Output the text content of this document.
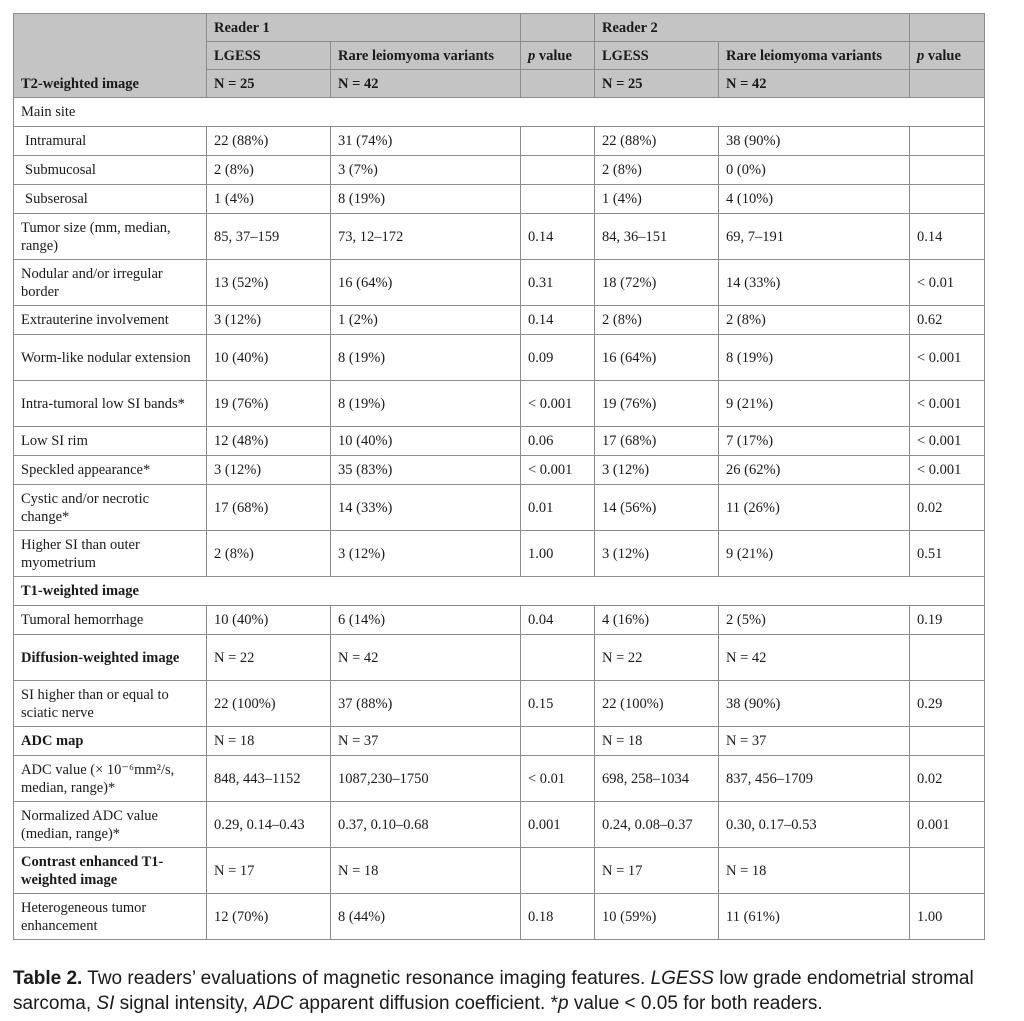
T2-weighted image	Reader 1			Reader 2		
	LGESS	Rare leiomyoma variants	p value	LGESS	Rare leiomyoma variants	p value
	N = 25	N = 42		N = 25	N = 42	
Main site						
Intramural	22 (88%)	31 (74%)		22 (88%)	38 (90%)	
Submucosal	2 (8%)	3 (7%)		2 (8%)	0 (0%)	
Subserosal	1 (4%)	8 (19%)		1 (4%)	4 (10%)	
Tumor size (mm, median, range)	85, 37–159	73, 12–172	0.14	84, 36–151	69, 7–191	0.14
Nodular and/or irregular border	13 (52%)	16 (64%)	0.31	18 (72%)	14 (33%)	< 0.01
Extrauterine involvement	3 (12%)	1 (2%)	0.14	2 (8%)	2 (8%)	0.62
Worm-like nodular extension	10 (40%)	8 (19%)	0.09	16 (64%)	8 (19%)	< 0.001
Intra-tumoral low SI bands*	19 (76%)	8 (19%)	< 0.001	19 (76%)	9 (21%)	< 0.001
Low SI rim	12 (48%)	10 (40%)	0.06	17 (68%)	7 (17%)	< 0.001
Speckled appearance*	3 (12%)	35 (83%)	< 0.001	3 (12%)	26 (62%)	< 0.001
Cystic and/or necrotic change*	17 (68%)	14 (33%)	0.01	14 (56%)	11 (26%)	0.02
Higher SI than outer myometrium	2 (8%)	3 (12%)	1.00	3 (12%)	9 (21%)	0.51
T1-weighted image						
Tumoral hemorrhage	10 (40%)	6 (14%)	0.04	4 (16%)	2 (5%)	0.19
Diffusion-weighted image	N = 22	N = 42		N = 22	N = 42	
SI higher than or equal to sciatic nerve	22 (100%)	37 (88%)	0.15	22 (100%)	38 (90%)	0.29
ADC map	N = 18	N = 37		N = 18	N = 37	
ADC value (× 10⁻⁶mm²/s, median, range)*	848, 443–1152	1087,230–1750	< 0.01	698, 258–1034	837, 456–1709	0.02
Normalized ADC value (median, range)*	0.29, 0.14–0.43	0.37, 0.10–0.68	0.001	0.24, 0.08–0.37	0.30, 0.17–0.53	0.001
Contrast enhanced T1-weighted image	N = 17	N = 18		N = 17	N = 18	
Heterogeneous tumor enhancement	12 (70%)	8 (44%)	0.18	10 (59%)	11 (61%)	1.00
Table 2. Two readers’ evaluations of magnetic resonance imaging features. LGESS low grade endometrial stromal sarcoma, SI signal intensity, ADC apparent diffusion coefficient. *p value < 0.05 for both readers.
